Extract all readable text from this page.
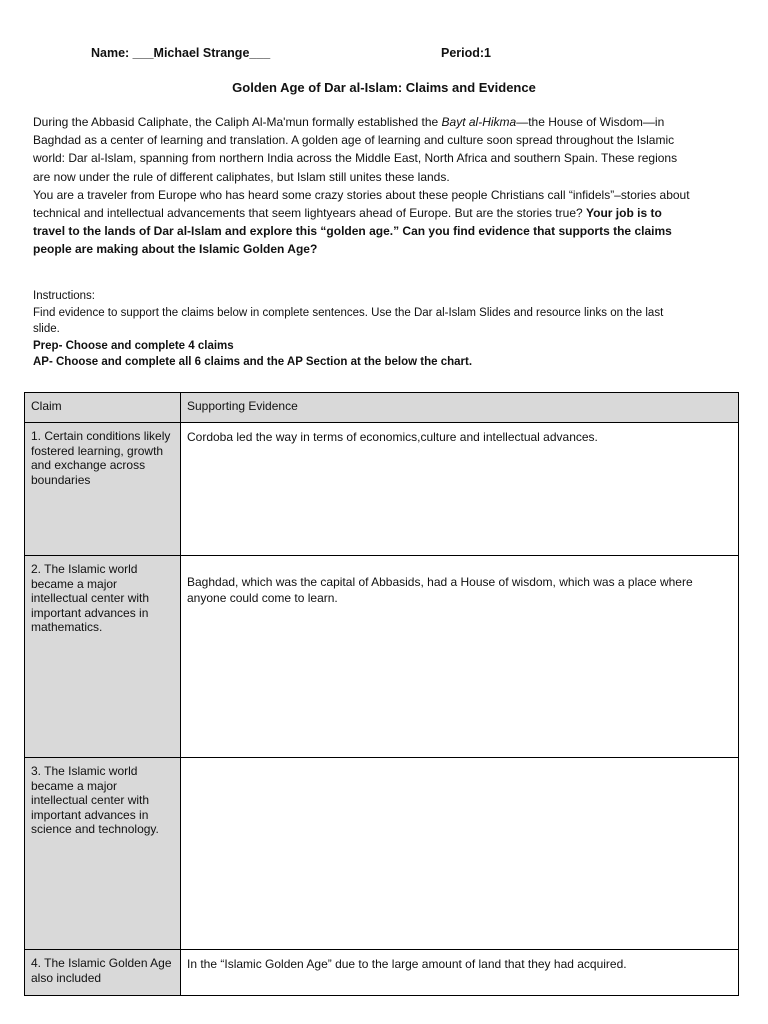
Name: ___Michael Strange___	Period:1
Golden Age of Dar al-Islam: Claims and Evidence

During the Abbasid Caliphate, the Caliph Al-Ma'mun formally established the Bayt al-Hikma—the House of Wisdom—in Baghdad as a center of learning and translation. A golden age of learning and culture soon spread throughout the Islamic world: Dar al-Islam, spanning from northern India across the Middle East, North Africa and southern Spain. These regions are now under the rule of different caliphates, but Islam still unites these lands.

You are a traveler from Europe who has heard some crazy stories about these people Christians call “infidels”–stories about technical and intellectual advancements that seem lightyears ahead of Europe. But are the stories true? Your job is to travel to the lands of Dar al-Islam and explore this “golden age.” Can you find evidence that supports the claims people are making about the Islamic Golden Age?

Instructions:

Find evidence to support the claims below in complete sentences. Use the Dar al-Islam Slides and resource links on the last slide.

Prep- Choose and complete 4 claims

AP- Choose and complete all 6 claims and the AP Section at the below the chart.

Claim	Supporting Evidence
1. Certain conditions likely fostered learning, growth and exchange across boundaries	Cordoba led the way in terms of economics,culture and intellectual advances.
2. The Islamic world became a major intellectual center with important advances in mathematics.	Baghdad, which was the capital of Abbasids, had a House of wisdom, which was a place where anyone could come to learn.
3. The Islamic world became a major intellectual center with important advances in science and technology.	
4. The Islamic Golden Age also included	In the “Islamic Golden Age” due to the large amount of land that they had acquired.
